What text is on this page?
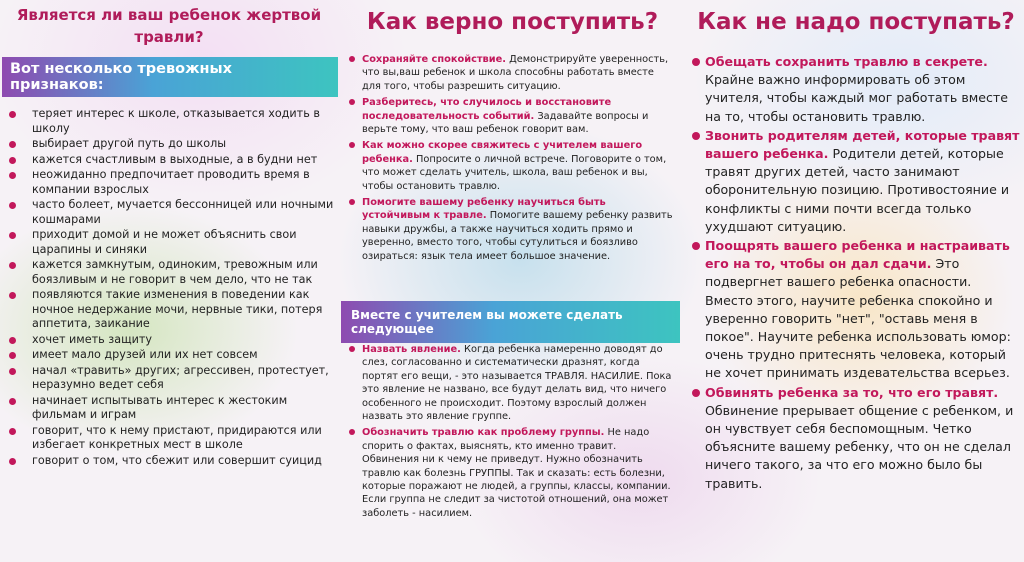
Является ли ваш ребенок жертвой травли?
Вот несколько тревожных признаков:
теряет интерес к школе, отказывается ходить в школу
выбирает другой путь до школы
кажется счастливым в выходные, а в будни нет
неожиданно предпочитает проводить время в компании взрослых
часто болеет, мучается бессонницей или ночными кошмарами
приходит домой и не может объяснить свои царапины и синяки
кажется замкнутым, одиноким, тревожным или боязливым и не говорит в чем дело, что не так
появляются такие изменения в поведении как ночное недержание мочи, нервные тики, потеря аппетита, заикание
хочет иметь защиту
имеет мало друзей или их нет совсем
начал «травить» других; агрессивен, протестует, неразумно ведет себя
начинает испытывать интерес к жестоким фильмам и играм
говорит, что к нему пристают, придираются или избегает конкретных мест в школе
говорит о том, что сбежит или совершит суицид
Как верно поступить?
Сохраняйте спокойствие. Демонстрируйте уверенность, что вы,ваш ребенок и школа способны работать вместе для того, чтобы разрешить ситуацию.
Разберитесь, что случилось и восстановите последовательность событий. Задавайте вопросы и верьте тому, что ваш ребенок говорит вам.
Как можно скорее свяжитесь с учителем вашего ребенка. Попросите о личной встрече. Поговорите о том, что может сделать учитель, школа, ваш ребенок и вы, чтобы остановить травлю.
Помогите вашему ребенку научиться быть устойчивым к травле. Помогите вашему ребенку развить навыки дружбы, а также научиться ходить прямо и уверенно, вместо того, чтобы сутулиться и боязливо озираться: язык тела имеет большое значение.
Вместе с учителем вы можете сделать следующее
Назвать явление. Когда ребенка намеренно доводят до слез, согласованно и систематически дразнят, когда портят его вещи, - это называется ТРАВЛЯ. НАСИЛИЕ. Пока это явление не названо, все будут делать вид, что ничего особенного не происходит. Поэтому взрослый должен назвать это явление группе.
Обозначить травлю как проблему группы. Не надо спорить о фактах, выяснять, кто именно травит. Обвинения ни к чему не приведут. Нужно обозначить травлю как болезнь ГРУППЫ. Так и сказать: есть болезни, которые поражают не людей, а группы, классы, компании. Если группа не следит за чистотой отношений, она может заболеть - насилием.
Как не надо поступать?
Обещать сохранить травлю в секрете. Крайне важно информировать об этом учителя, чтобы каждый мог работать вместе на то, чтобы остановить травлю.
Звонить родителям детей, которые травят вашего ребенка. Родители детей, которые травят других детей, часто занимают оборонительную позицию. Противостояние и конфликты с ними почти всегда только ухудшают ситуацию.
Поощрять вашего ребенка и настраивать его на то, чтобы он дал сдачи. Это подвергнет вашего ребенка опасности. Вместо этого, научите ребенка спокойно и уверенно говорить "нет", "оставь меня в покое". Научите ребенка использовать юмор: очень трудно притеснять человека, который не хочет принимать издевательства всерьез.
Обвинять ребенка за то, что его травят. Обвинение прерывает общение с ребенком, и он чувствует себя беспомощным. Четко объясните вашему ребенку, что он не сделал ничего такого, за что его можно было бы травить.
